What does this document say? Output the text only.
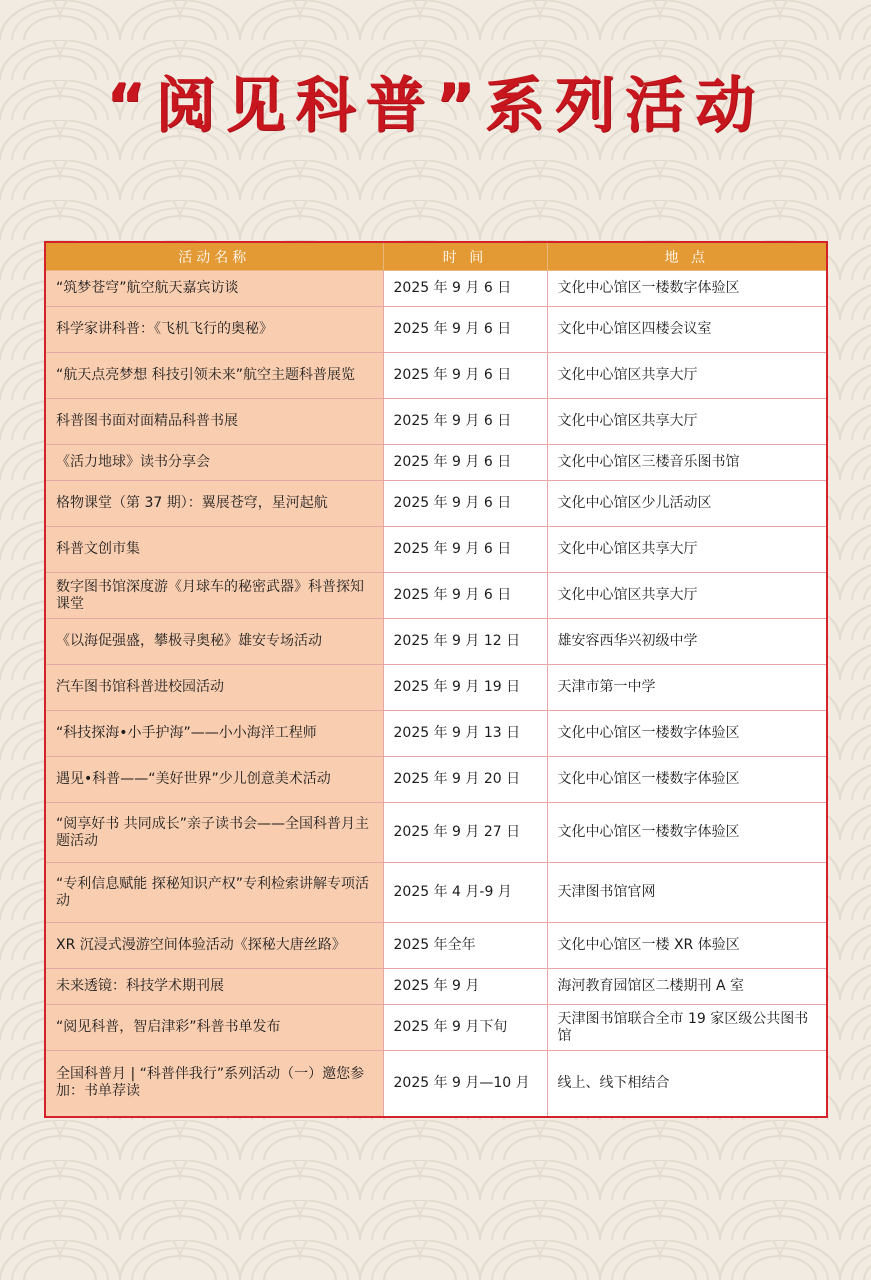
“阅见科普”系列活动
活动名称	时 间	地 点
“筑梦苍穹”航空航天嘉宾访谈	2025 年 9 月 6 日	文化中心馆区一楼数字体验区
科学家讲科普：《飞机飞行的奥秘》	2025 年 9 月 6 日	文化中心馆区四楼会议室
“航天点亮梦想 科技引领未来”航空主题科普展览	2025 年 9 月 6 日	文化中心馆区共享大厅
科普图书面对面精品科普书展	2025 年 9 月 6 日	文化中心馆区共享大厅
《活力地球》读书分享会	2025 年 9 月 6 日	文化中心馆区三楼音乐图书馆
格物课堂（第 37 期）：翼展苍穹，星河起航	2025 年 9 月 6 日	文化中心馆区少儿活动区
科普文创市集	2025 年 9 月 6 日	文化中心馆区共享大厅
数字图书馆深度游《月球车的秘密武器》科普探知课堂	2025 年 9 月 6 日	文化中心馆区共享大厅
《以海促强盛，攀极寻奥秘》雄安专场活动	2025 年 9 月 12 日	雄安容西华兴初级中学
汽车图书馆科普进校园活动	2025 年 9 月 19 日	天津市第一中学
“科技探海•小手护海”——小小海洋工程师	2025 年 9 月 13 日	文化中心馆区一楼数字体验区
遇见•科普——“美好世界”少儿创意美术活动	2025 年 9 月 20 日	文化中心馆区一楼数字体验区
“阅享好书 共同成长”亲子读书会——全国科普月主题活动	2025 年 9 月 27 日	文化中心馆区一楼数字体验区
“专利信息赋能 探秘知识产权”专利检索讲解专项活动	2025 年 4 月-9 月	天津图书馆官网
XR 沉浸式漫游空间体验活动《探秘大唐丝路》	2025 年全年	文化中心馆区一楼 XR 体验区
未来透镜：科技学术期刊展	2025 年 9 月	海河教育园馆区二楼期刊 A 室
“阅见科普，智启津彩”科普书单发布	2025 年 9 月下旬	天津图书馆联合全市 19 家区级公共图书馆
全国科普月 | “科普伴我行”系列活动（一）邀您参加：书单荐读	2025 年 9 月—10 月	线上、线下相结合
